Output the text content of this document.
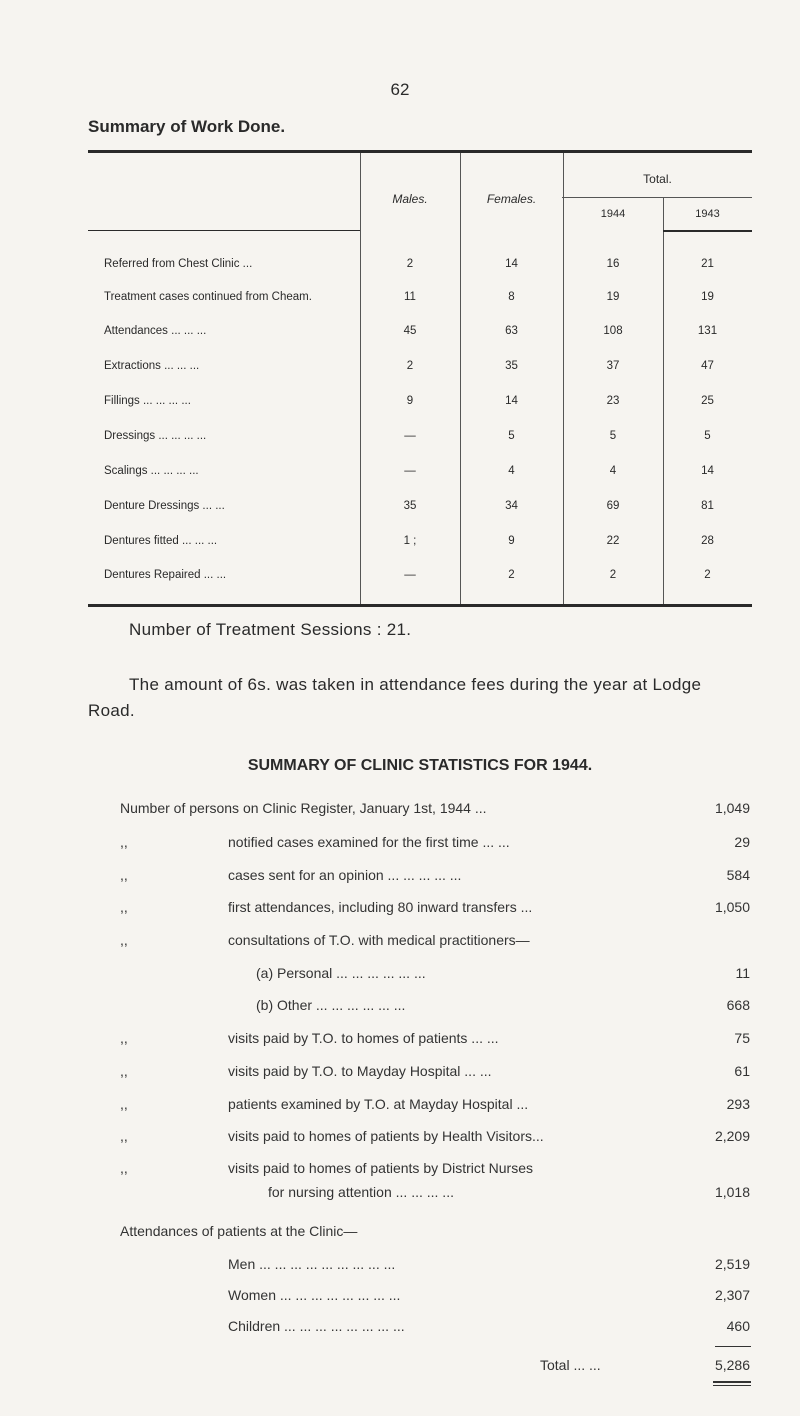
62
Summary of Work Done.
Males.	Females.
Total.
1944	1943
Referred from Chest Clinic ...	2	14	16	21
Treatment cases continued from Cheam.	11	8	19	19
Attendances ... ... ...	45	63	108	131
Extractions ... ... ...	2	35	37	47
Fillings ... ... ... ...	9	14	23	25
Dressings ... ... ... ...	—	5	5	5
Scalings ... ... ... ...	—	4	4	14
Denture Dressings ... ...	35	34	69	81
Dentures fitted ... ... ...	1 ;	9	22	28
Dentures Repaired ... ...	—	2	2	2
Number of Treatment Sessions : 21.
The amount of 6s. was taken in attendance fees during the year at Lodge Road.
SUMMARY OF CLINIC STATISTICS FOR 1944.
Number of persons on Clinic Register, January 1st, 1944 ...	1,049
,,	notified cases examined for the first time ... ...	29
,,	cases sent for an opinion ... ... ... ... ...	584
,,	first attendances, including 80 inward transfers ...	1,050
,,	consultations of T.O. with medical practitioners—
(a) Personal ... ... ... ... ... ...	11
(b) Other ... ... ... ... ... ...	668
,,	visits paid by T.O. to homes of patients ... ...	75
,,	visits paid by T.O. to Mayday Hospital ... ...	61
,,	patients examined by T.O. at Mayday Hospital ...	293
,,	visits paid to homes of patients by Health Visitors...	2,209
,,	visits paid to homes of patients by District Nurses
for nursing attention ... ... ... ...	1,018
Attendances of patients at the Clinic—
Men ... ... ... ... ... ... ... ... ...	2,519
Women ... ... ... ... ... ... ... ...	2,307
Children ... ... ... ... ... ... ... ...	460
Total ... ...	5,286
